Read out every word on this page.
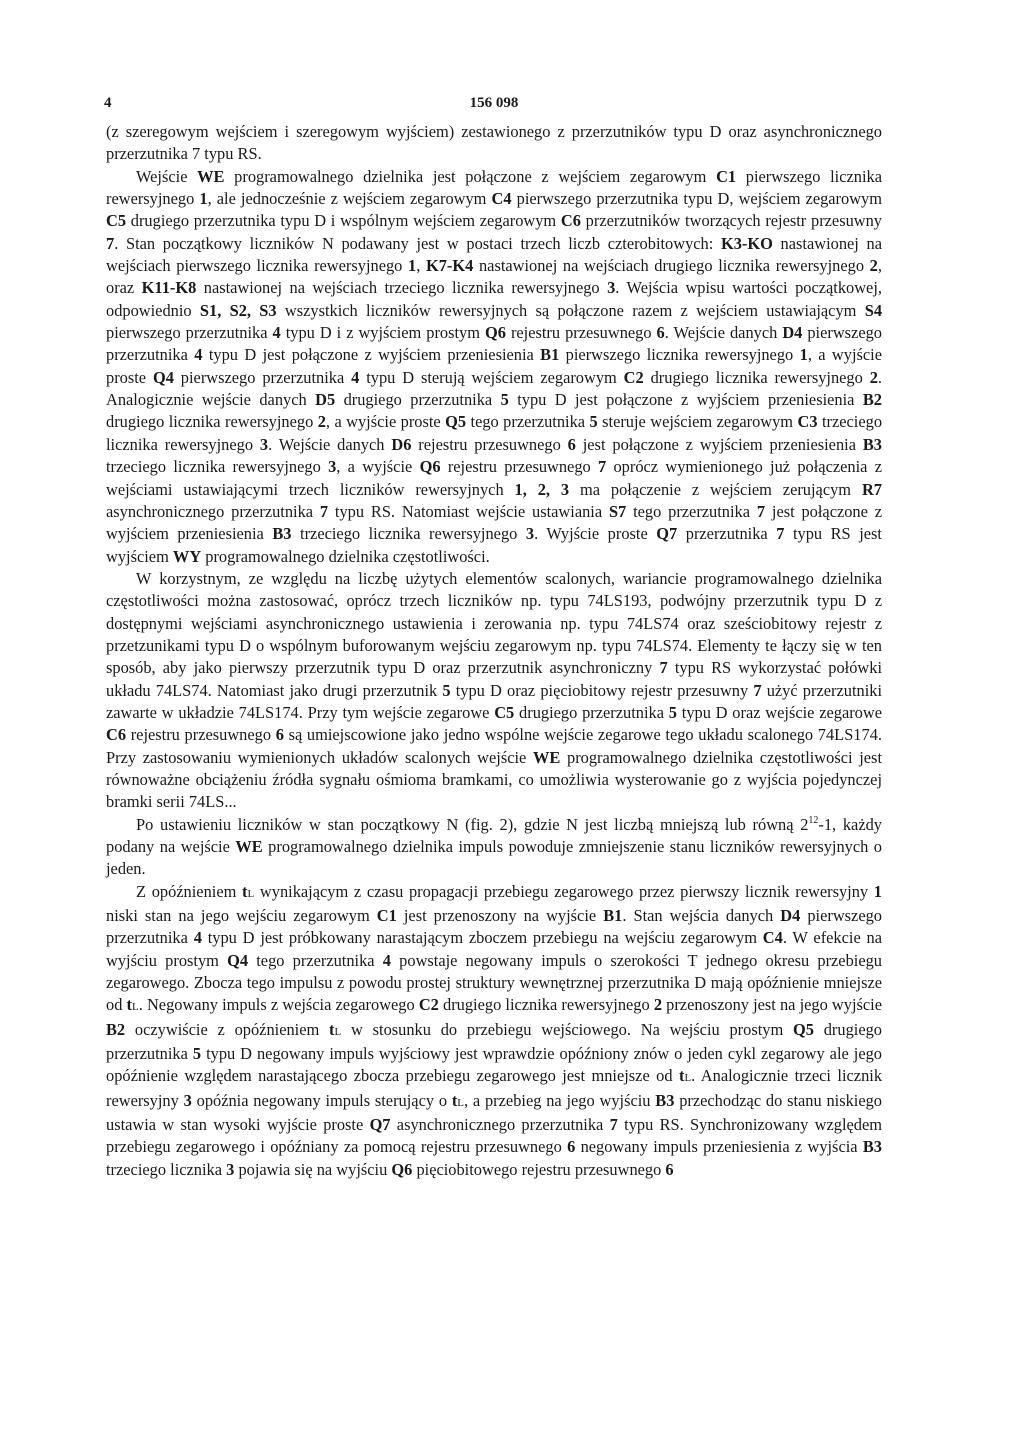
4	156 098

(z szeregowym wejściem i szeregowym wyjściem) zestawionego z przerzutników typu D oraz asynchronicznego przerzutnika 7 typu RS.

Wejście WE programowalnego dzielnika jest połączone z wejściem zegarowym C1 pierwszego licznika rewersyjnego 1, ale jednocześnie z wejściem zegarowym C4 pierwszego przerzutnika typu D, wejściem zegarowym C5 drugiego przerzutnika typu D i wspólnym wejściem zegarowym C6 przerzutników tworzących rejestr przesuwny 7. Stan początkowy liczników N podawany jest w postaci trzech liczb czterobitowych: K3-KO nastawionej na wejściach pierwszego licznika rewersyjnego 1, K7-K4 nastawionej na wejściach drugiego licznika rewersyjnego 2, oraz K11-K8 nastawionej na wejściach trzeciego licznika rewersyjnego 3. Wejścia wpisu wartości początkowej, odpowiednio S1, S2, S3 wszystkich liczników rewersyjnych są połączone razem z wejściem ustawiającym S4 pierwszego przerzutnika 4 typu D i z wyjściem prostym Q6 rejestru przesuwnego 6. Wejście danych D4 pierwszego przerzutnika 4 typu D jest połączone z wyjściem przeniesienia B1 pierwszego licznika rewersyjnego 1, a wyjście proste Q4 pierwszego przerzutnika 4 typu D sterują wejściem zegarowym C2 drugiego licznika rewersyjnego 2. Analogicznie wejście danych D5 drugiego przerzutnika 5 typu D jest połączone z wyjściem przeniesienia B2 drugiego licznika rewersyjnego 2, a wyjście proste Q5 tego przerzutnika 5 steruje wejściem zegarowym C3 trzeciego licznika rewersyjnego 3. Wejście danych D6 rejestru przesuwnego 6 jest połączone z wyjściem przeniesienia B3 trzeciego licznika rewersyjnego 3, a wyjście Q6 rejestru przesuwnego 7 oprócz wymienionego już połączenia z wejściami ustawiającymi trzech liczników rewersyjnych 1, 2, 3 ma połączenie z wejściem zerującym R7 asynchronicznego przerzutnika 7 typu RS. Natomiast wejście ustawiania S7 tego przerzutnika 7 jest połączone z wyjściem przeniesienia B3 trzeciego licznika rewersyjnego 3. Wyjście proste Q7 przerzutnika 7 typu RS jest wyjściem WY programowalnego dzielnika częstotliwości.

W korzystnym, ze względu na liczbę użytych elementów scalonych, wariancie programowalnego dzielnika częstotliwości można zastosować, oprócz trzech liczników np. typu 74LS193, podwójny przerzutnik typu D z dostępnymi wejściami asynchronicznego ustawienia i zerowania np. typu 74LS74 oraz sześciobitowy rejestr z przetzunikami typu D o wspólnym buforowanym wejściu zegarowym np. typu 74LS74. Elementy te łączy się w ten sposób, aby jako pierwszy przerzutnik typu D oraz przerzutnik asynchroniczny 7 typu RS wykorzystać połówki układu 74LS74. Natomiast jako drugi przerzutnik 5 typu D oraz pięciobitowy rejestr przesuwny 7 użyć przerzutniki zawarte w układzie 74LS174. Przy tym wejście zegarowe C5 drugiego przerzutnika 5 typu D oraz wejście zegarowe C6 rejestru przesuwnego 6 są umiejscowione jako jedno wspólne wejście zegarowe tego układu scalonego 74LS174. Przy zastosowaniu wymienionych układów scalonych wejście WE programowalnego dzielnika częstotliwości jest równoważne obciążeniu źródła sygnału ośmioma bramkami, co umożliwia wysterowanie go z wyjścia pojedynczej bramki serii 74LS...

Po ustawieniu liczników w stan początkowy N (fig. 2), gdzie N jest liczbą mniejszą lub równą $2^{12}-1$, każdy podany na wejście WE programowalnego dzielnika impuls powoduje zmniejszenie stanu liczników rewersyjnych o jeden.

Z opóźnieniem tL wynikającym z czasu propagacji przebiegu zegarowego przez pierwszy licznik rewersyjny 1 niski stan na jego wejściu zegarowym C1 jest przenoszony na wyjście B1. Stan wejścia danych D4 pierwszego przerzutnika 4 typu D jest próbkowany narastającym zboczem przebiegu na wejściu zegarowym C4. W efekcie na wyjściu prostym Q4 tego przerzutnika 4 powstaje negowany impuls o szerokości T jednego okresu przebiegu zegarowego. Zbocza tego impulsu z powodu prostej struktury wewnętrznej przerzutnika D mają opóźnienie mniejsze od tL. Negowany impuls z wejścia zegarowego C2 drugiego licznika rewersyjnego 2 przenoszony jest na jego wyjście B2 oczywiście z opóźnieniem tL w stosunku do przebiegu wejściowego. Na wejściu prostym Q5 drugiego przerzutnika 5 typu D negowany impuls wyjściowy jest wprawdzie opóźniony znów o jeden cykl zegarowy ale jego opóźnienie względem narastającego zbocza przebiegu zegarowego jest mniejsze od tL. Analogicznie trzeci licznik rewersyjny 3 opóźnia negowany impuls sterujący o tL, a przebieg na jego wyjściu B3 przechodząc do stanu niskiego ustawia w stan wysoki wyjście proste Q7 asynchronicznego przerzutnika 7 typu RS. Synchronizowany względem przebiegu zegarowego i opóźniany za pomocą rejestru przesuwnego 6 negowany impuls przeniesienia z wyjścia B3 trzeciego licznika 3 pojawia się na wyjściu Q6 pięciobitowego rejestru przesuwnego 6
